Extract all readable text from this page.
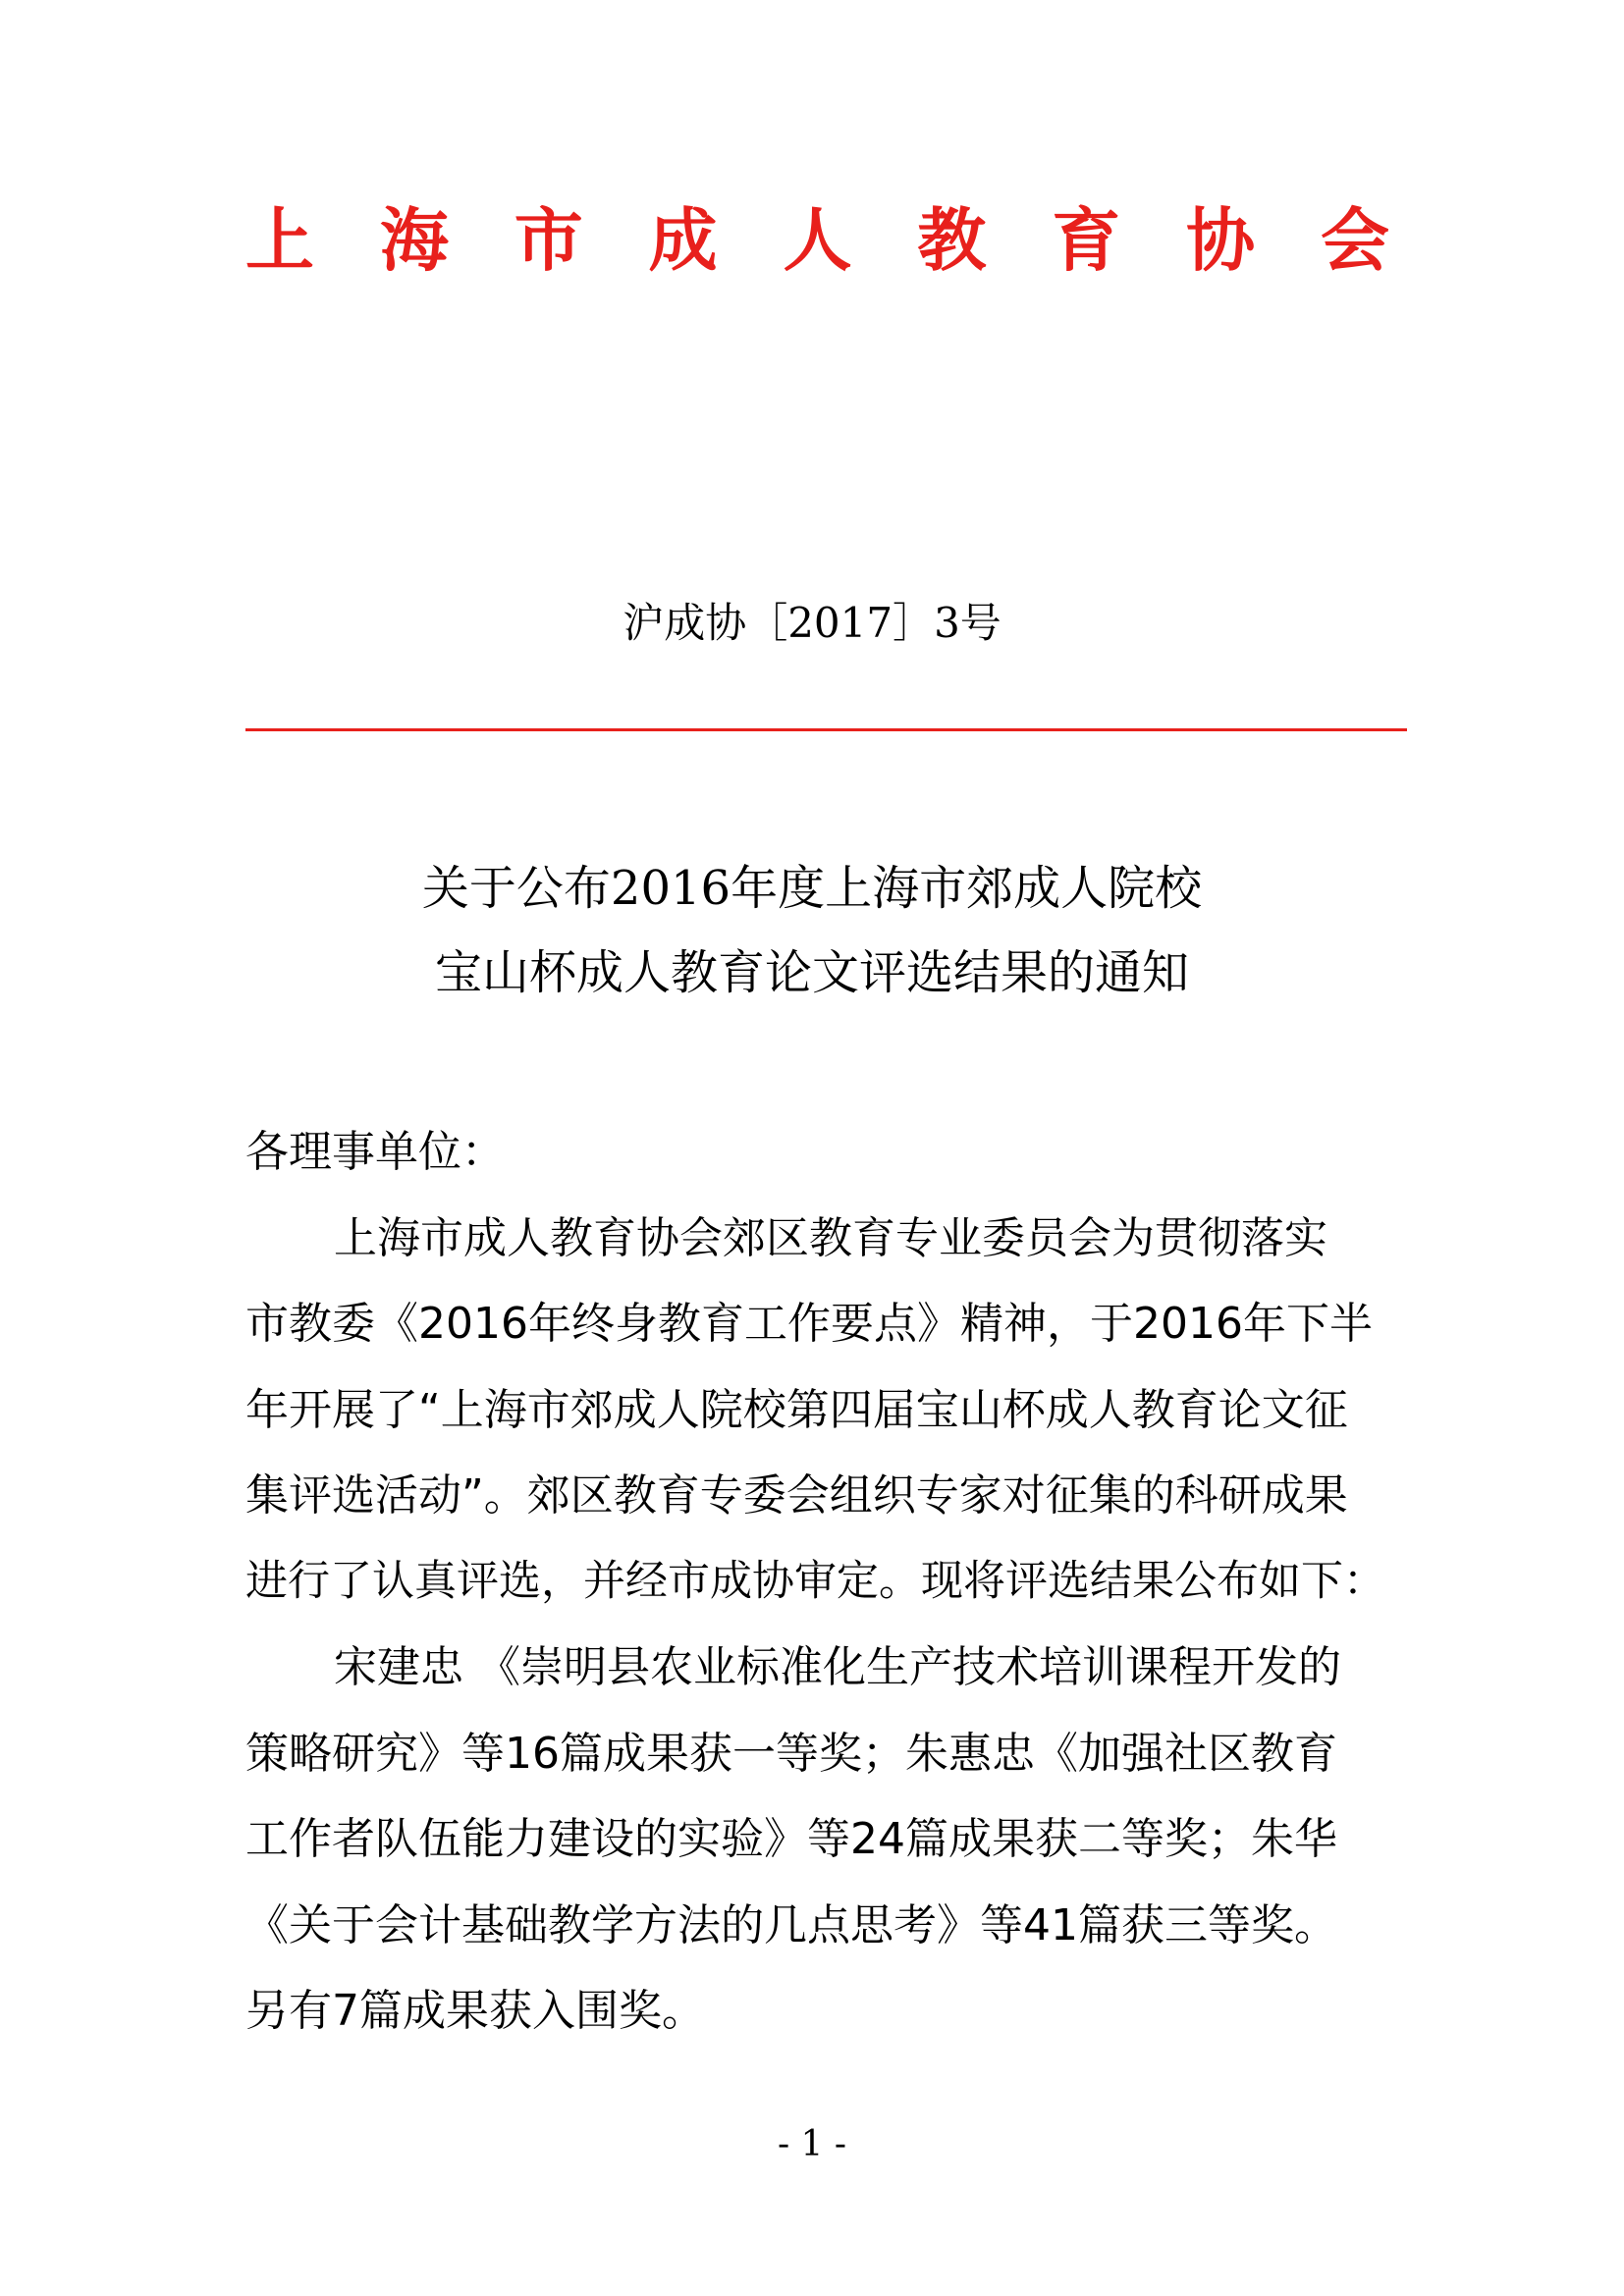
上 海 市 成 人 教 育 协 会
沪成协［2017］3号
关于公布2016年度上海市郊成人院校
宝山杯成人教育论文评选结果的通知
各理事单位：
上海市成人教育协会郊区教育专业委员会为贯彻落实
市教委《2016年终身教育工作要点》精神，于2016年下半
年开展了“上海市郊成人院校第四届宝山杯成人教育论文征
集评选活动”。郊区教育专委会组织专家对征集的科研成果
进行了认真评选，并经市成协审定。现将评选结果公布如下：
宋建忠 《崇明县农业标准化生产技术培训课程开发的
策略研究》等16篇成果获一等奖；朱惠忠《加强社区教育
工作者队伍能力建设的实验》等24篇成果获二等奖；朱华
《关于会计基础教学方法的几点思考》等41篇获三等奖。
另有7篇成果获入围奖。
- 1 -
